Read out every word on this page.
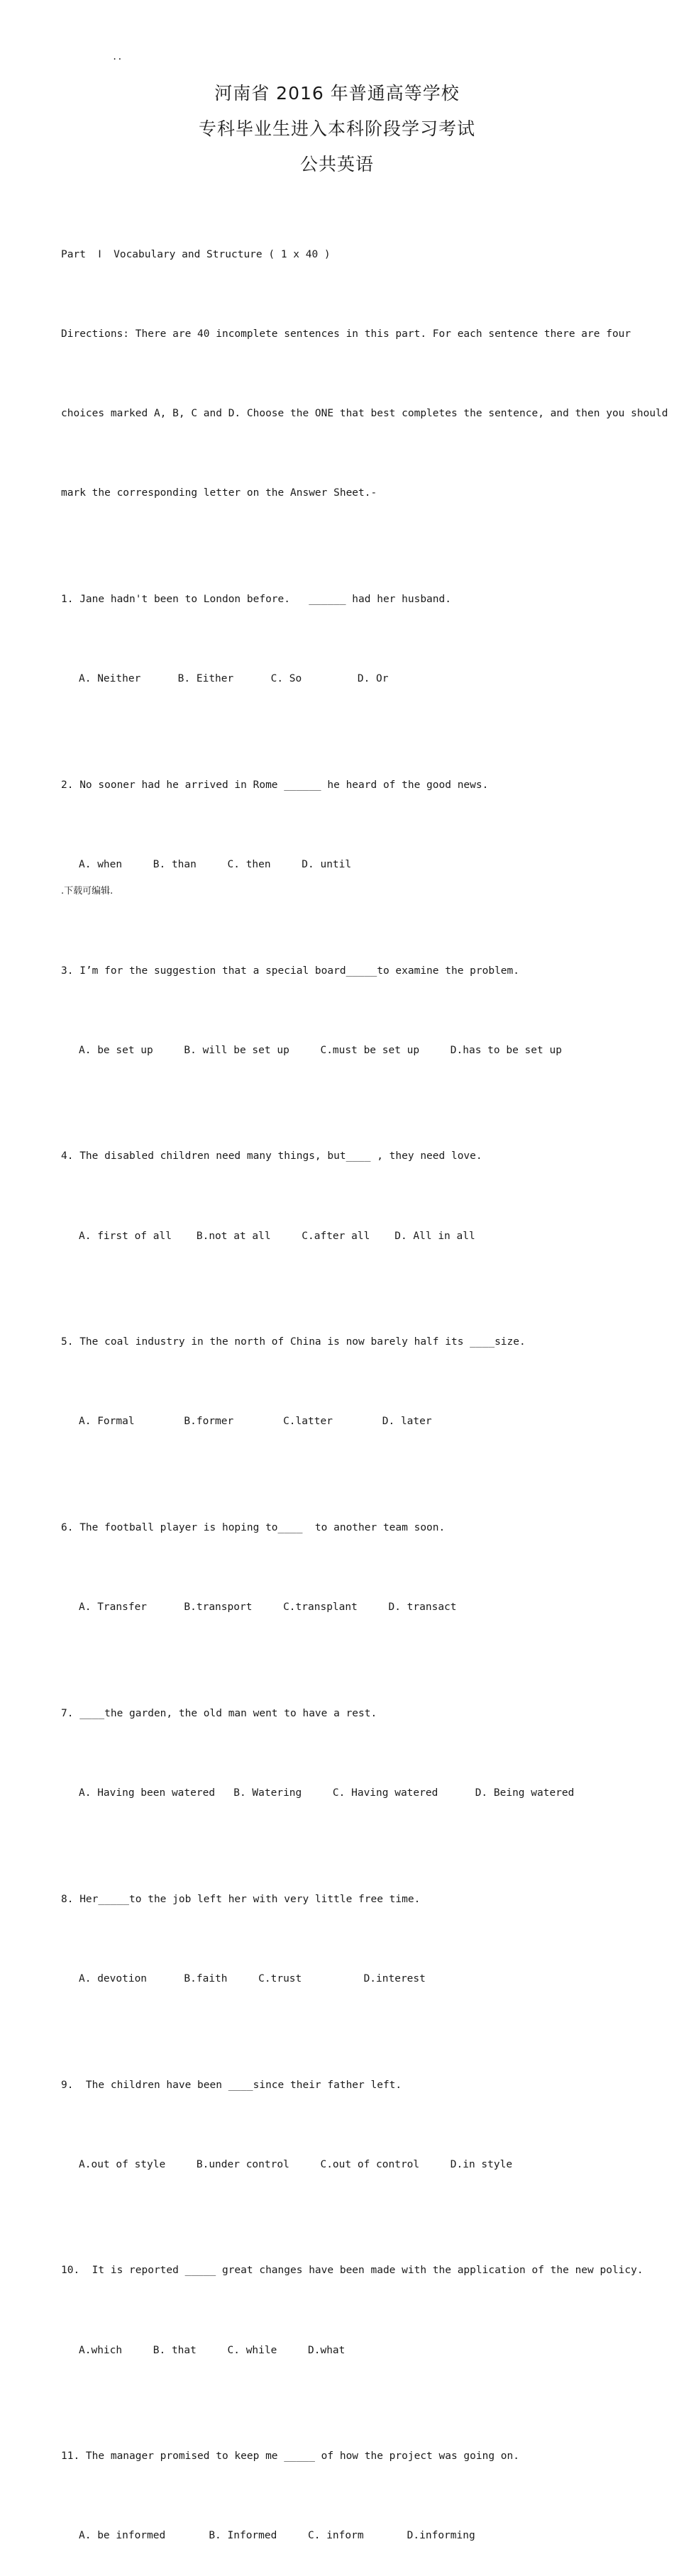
..
河南省 2016 年普通高等学校
专科毕业生进入本科阶段学习考试
公共英语

Part  Ⅰ  Vocabulary and Structure ( 1 x 40 )

Directions: There are 40 incomplete sentences in this part. For each sentence there are four

choices marked A, B, C and D. Choose the ONE that best completes the sentence, and then you should

mark the corresponding letter on the Answer Sheet.-

1. Jane hadn't been to London before.   ______ had her husband.

A. Neither      B. Either      C. So         D. Or

2. No sooner had he arrived in Rome ______ he heard of the good news.

A. when     B. than     C. then     D. until

3. I’m for the suggestion that a special board_____to examine the problem.

A. be set up     B. will be set up     C.must be set up     D.has to be set up

4. The disabled children need many things, but____ , they need love.

A. first of all    B.not at all     C.after all    D. All in all

5. The coal industry in the north of China is now barely half its ____size.

A. Formal        B.former        C.latter        D. later

6. The football player is hoping to____  to another team soon.

A. Transfer      B.transport     C.transplant     D. transact

7. ____the garden, the old man went to have a rest.

A. Having been watered   B. Watering     C. Having watered      D. Being watered

8. Her_____to the job left her with very little free time.

A. devotion      B.faith     C.trust          D.interest

9.  The children have been ____since their father left.

A.out of style     B.under control     C.out of control     D.in style

10.  It is reported _____ great changes have been made with the application of the new policy.

A.which     B. that     C. while     D.what

11. The manager promised to keep me _____ of how the project was going on.

A. be informed       B. Informed     C. inform       D.informing

.下载可编辑.
